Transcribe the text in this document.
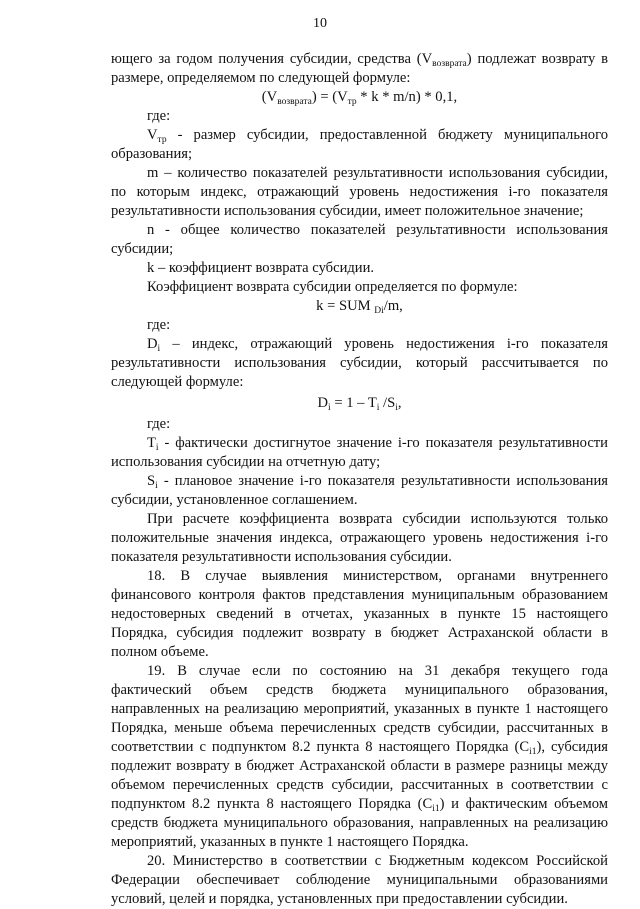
10

ющего за годом получения субсидии, средства $(V_{возврата})$ подлежат возврату в размере, определяемом по следующей формуле:

$(V_{возврата}) = (V_{тр} * k * m/n) * 0,1$,

где:

$V_{тр}$ - размер субсидии, предоставленной бюджету муниципального образования;

m – количество показателей результативности использования субсидии, по которым индекс, отражающий уровень недостижения i-го показателя результативности использования субсидии, имеет положительное значение;

n - общее количество показателей результативности использования субсидии;

k – коэффициент возврата субсидии.

Коэффициент возврата субсидии определяется по формуле:

k = SUM $_{Di}$/m,

где:

$D_i$ – индекс, отражающий уровень недостижения i-го показателя результативности использования субсидии, который рассчитывается по следующей формуле:

$D_i = 1 - T_i$ $/S_i$,

где:

$T_i$ - фактически достигнутое значение i-го показателя результативности использования субсидии на отчетную дату;

$S_i$ - плановое значение i-го показателя результативности использования субсидии, установленное соглашением.

При расчете коэффициента возврата субсидии используются только положительные значения индекса, отражающего уровень недостижения i-го показателя результативности использования субсидии.

18. В случае выявления министерством, органами внутреннего финансового контроля фактов представления муниципальным образованием недостоверных сведений в отчетах, указанных в пункте 15 настоящего Порядка, субсидия подлежит возврату в бюджет Астраханской области в полном объеме.

19. В случае если по состоянию на 31 декабря текущего года фактический объем средств бюджета муниципального образования, направленных на реализацию мероприятий, указанных в пункте 1 настоящего Порядка, меньше объема перечисленных средств субсидии, рассчитанных в соответствии с подпунктом 8.2 пункта 8 настоящего Порядка $(C_{i1})$, субсидия подлежит возврату в бюджет Астраханской области в размере разницы между объемом перечисленных средств субсидии, рассчитанных в соответствии с подпунктом 8.2 пункта 8 настоящего Порядка $(C_{i1})$ и фактическим объемом средств бюджета муниципального образования, направленных на реализацию мероприятий, указанных в пункте 1 настоящего Порядка.

20. Министерство в соответствии с Бюджетным кодексом Российской Федерации обеспечивает соблюдение муниципальными образованиями условий, целей и порядка, установленных при предоставлении субсидии.
